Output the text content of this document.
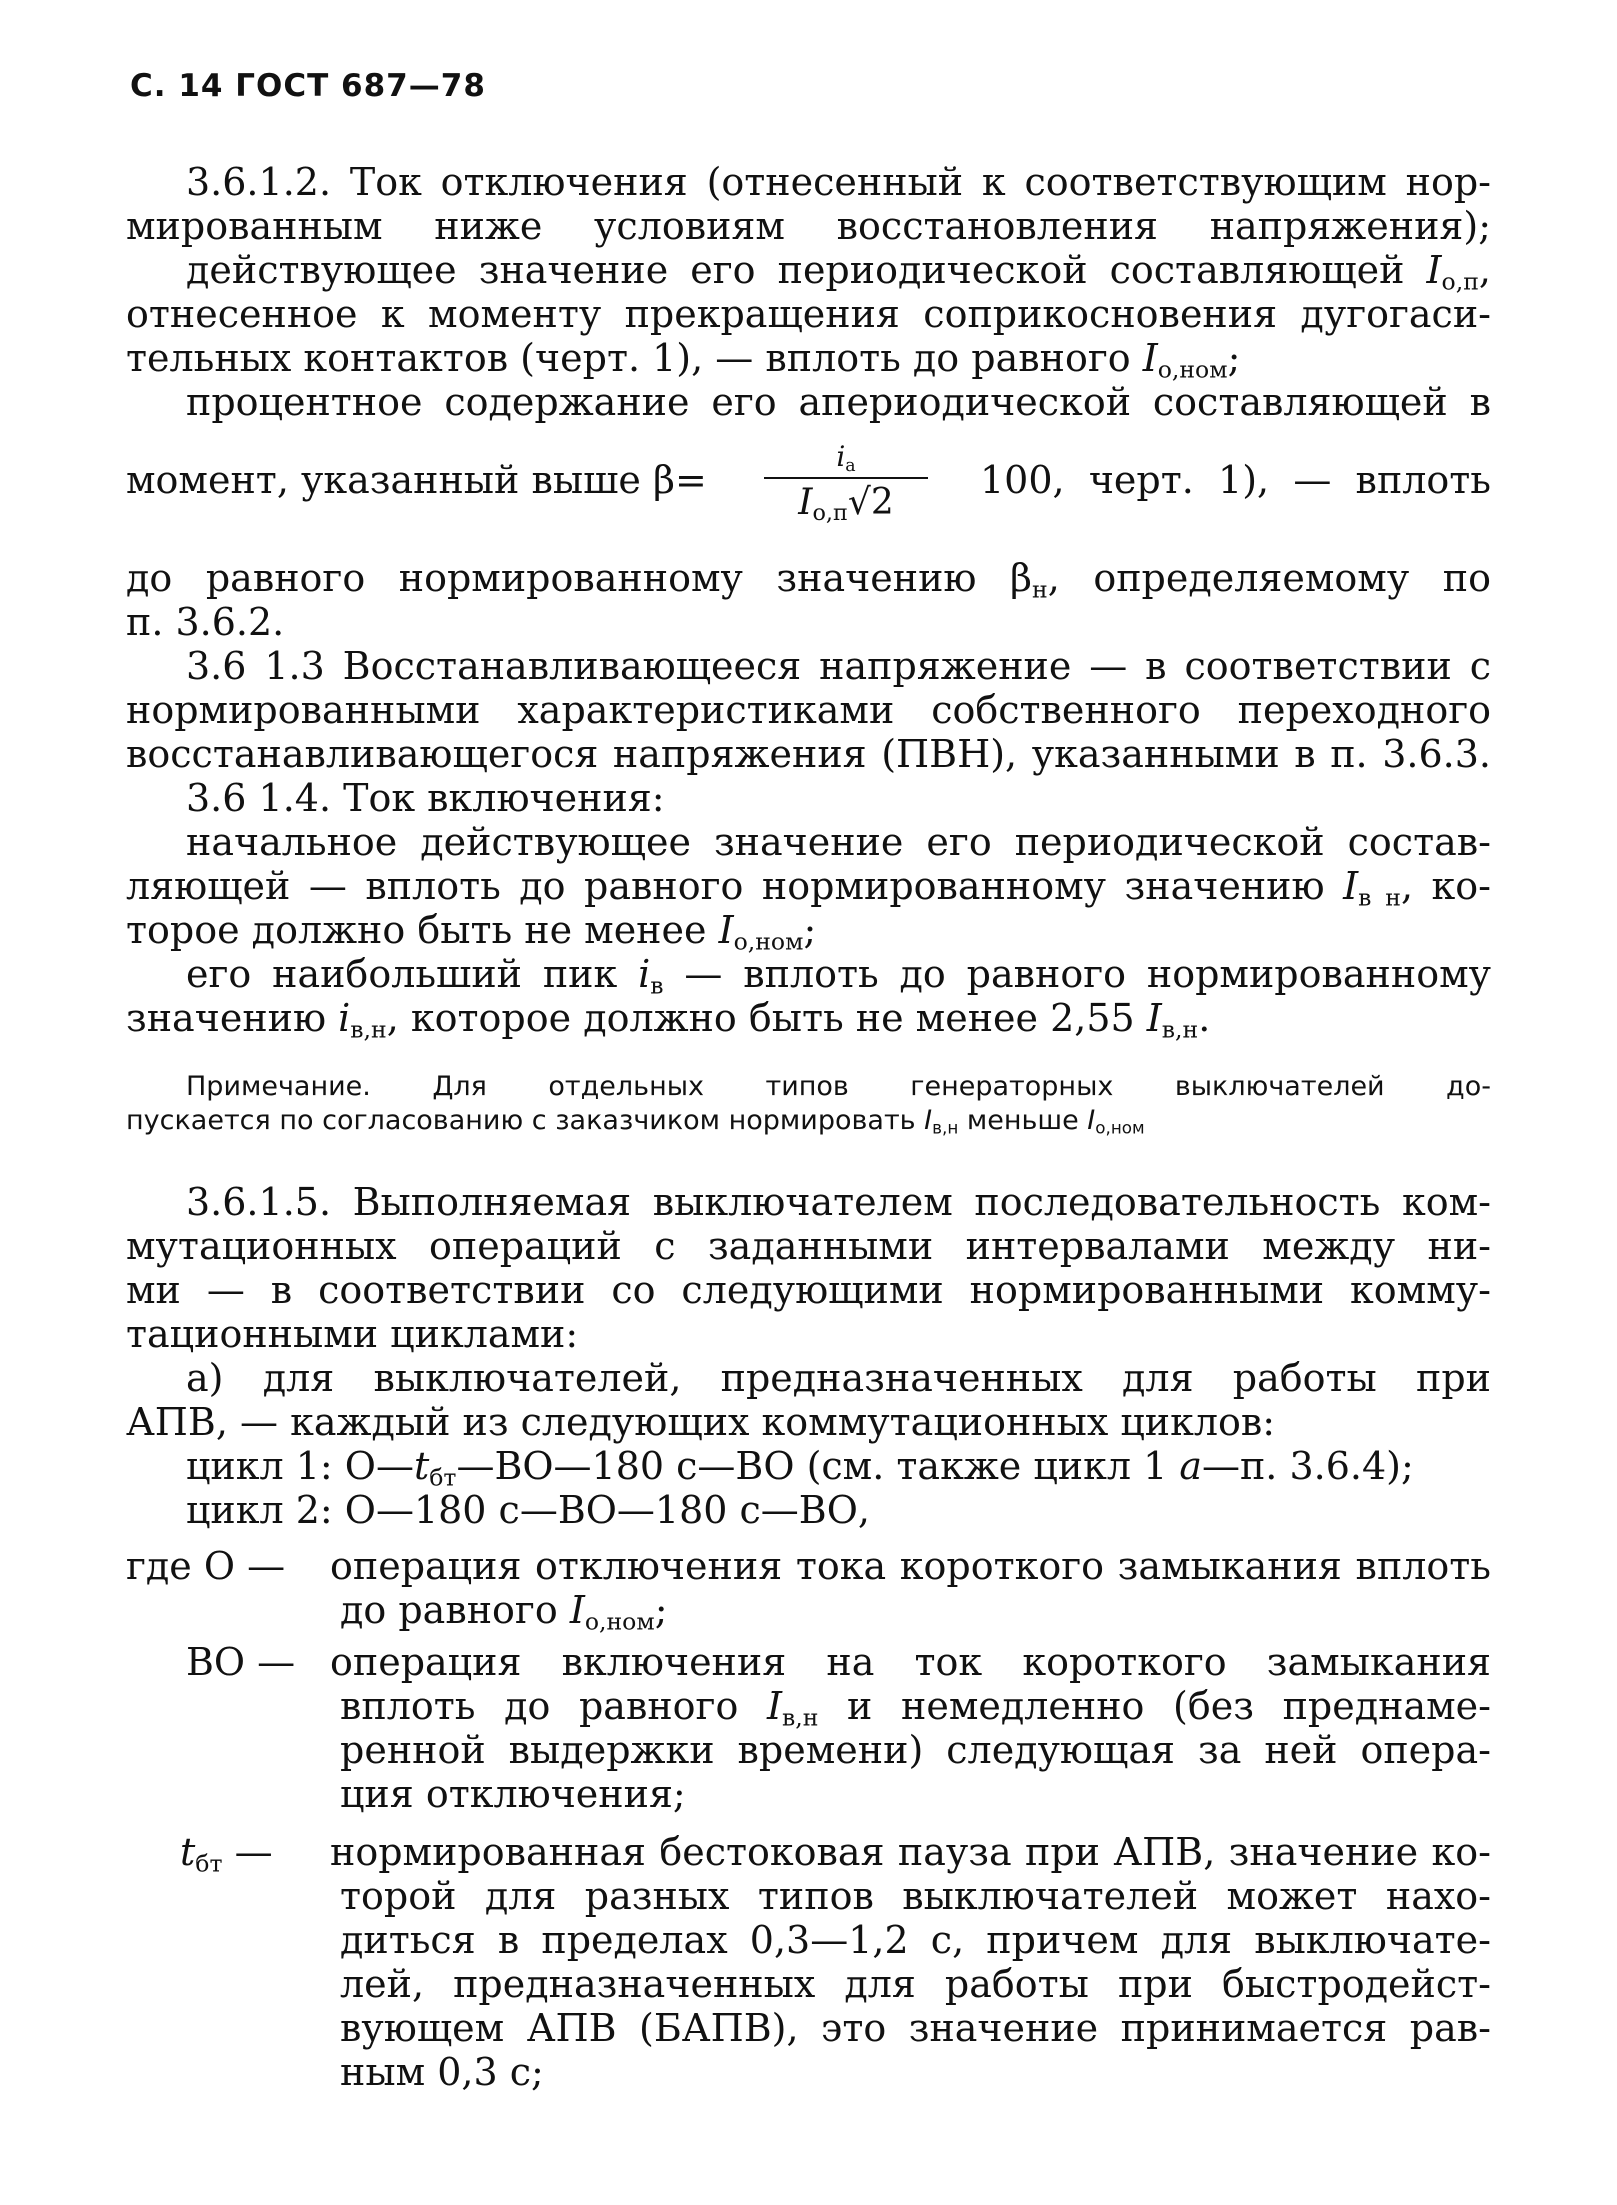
С. 14 ГОСТ 687—78
3.6.1.2. Ток отключения (отнесенный к соответствующим нор-
мированным ниже условиям восстановления напряжения);
действующее значение его периодической составляющей $I_{о,п}$,
отнесенное к моменту прекращения соприкосновения дугогаси-
тельных контактов (черт. 1), — вплоть до равного $I_{о,ном}$;
процентное содержание его апериодической составляющей в
момент, указанный выше β=
$i_a$
$I_{о,п}√2$
100, черт. 1), — вплоть
до равного нормированному значению $\beta_н$, определяемому по
п. 3.6.2.
3.6 1.3 Восстанавливающееся напряжение — в соответствии с
нормированными характеристиками собственного переходного
восстанавливающегося напряжения (ПВН), указанными в п. 3.6.3.
3.6 1.4. Ток включения:
начальное действующее значение его периодической состав-
ляющей — вплоть до равного нормированному значению $I_{в н}$, ко-
торое должно быть не менее $I_{о,ном}$;
его наибольший пик $i_в$ — вплоть до равного нормированному
значению $i_{в,н}$, которое должно быть не менее 2,55 $I_{в,н}$.
Примечание. Для отдельных типов генераторных выключателей до-
пускается по согласованию с заказчиком нормировать $I_{в,н}$ меньше $I_{о,ном}$
3.6.1.5. Выполняемая выключателем последовательность ком-
мутационных операций с заданными интервалами между ни-
ми — в соответствии со следующими нормированными комму-
тационными циклами:
а) для выключателей, предназначенных для работы при
АПВ, — каждый из следующих коммутационных циклов:
цикл 1: $О—t_{бт}—ВО—180$ с—ВО (см. также цикл 1 а—п. 3.6.4);
цикл 2: О—180 с—ВО—180 с—ВО,
где О — операция отключения тока короткого замыкания вплоть
до равного $I_{о,ном}$;
ВО — операция включения на ток короткого замыкания
вплоть до равного $I_{в,н}$ и немедленно (без преднаме-
ренной выдержки времени) следующая за ней опера-
ция отключения;
$t_{бт}$ — нормированная бестоковая пауза при АПВ, значение ко-
торой для разных типов выключателей может нахо-
диться в пределах 0,3—1,2 с, причем для выключате-
лей, предназначенных для работы при быстродейст-
вующем АПВ (БАПВ), это значение принимается рав-
ным 0,3 с;
